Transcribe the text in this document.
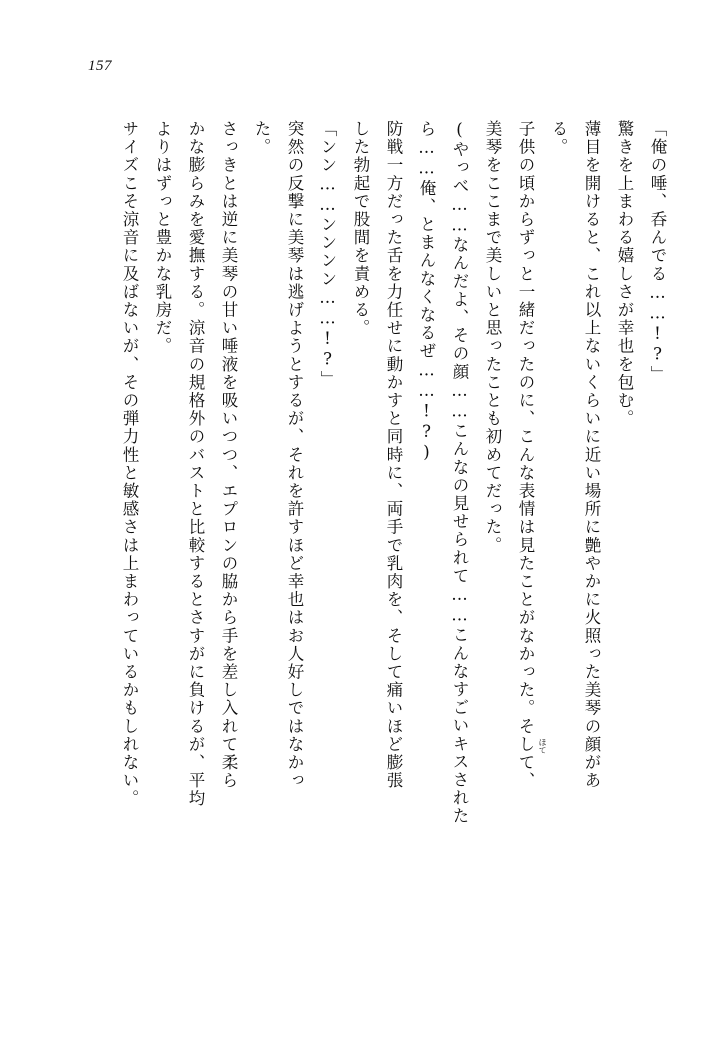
157
「俺の唾、呑んでる……!?」
驚きを上まわる嬉しさが幸也を包む。
薄目を開けると、これ以上ないくらいに近い場所に艶やかに火照った美琴の顔があ
る。
子供の頃からずっと一緒だったのに、こんな表情は見たことがなかった。そして、
美琴をここまで美しいと思ったことも初めてだった。
(やっべ……なんだよ、その顔……こんなの見せられて……こんなすごいキスされた
ら……俺、とまんなくなるぜ……!?)
防戦一方だった舌を力任せに動かすと同時に、両手で乳肉を、そして痛いほど膨張
した勃起で股間を責める。
「ンン……ンンンン……!?」
突然の反撃に美琴は逃げようとするが、それを許すほど幸也はお人好しではなかっ
た。
さっきとは逆に美琴の甘い唾液を吸いつつ、エプロンの脇から手を差し入れて柔ら
かな膨らみを愛撫する。涼音の規格外のバストと比較するとさすがに負けるが、平均
よりはずっと豊かな乳房だ。
サイズこそ涼音に及ばないが、その弾力性と敏感さは上まわっているかもしれない。	ほて
